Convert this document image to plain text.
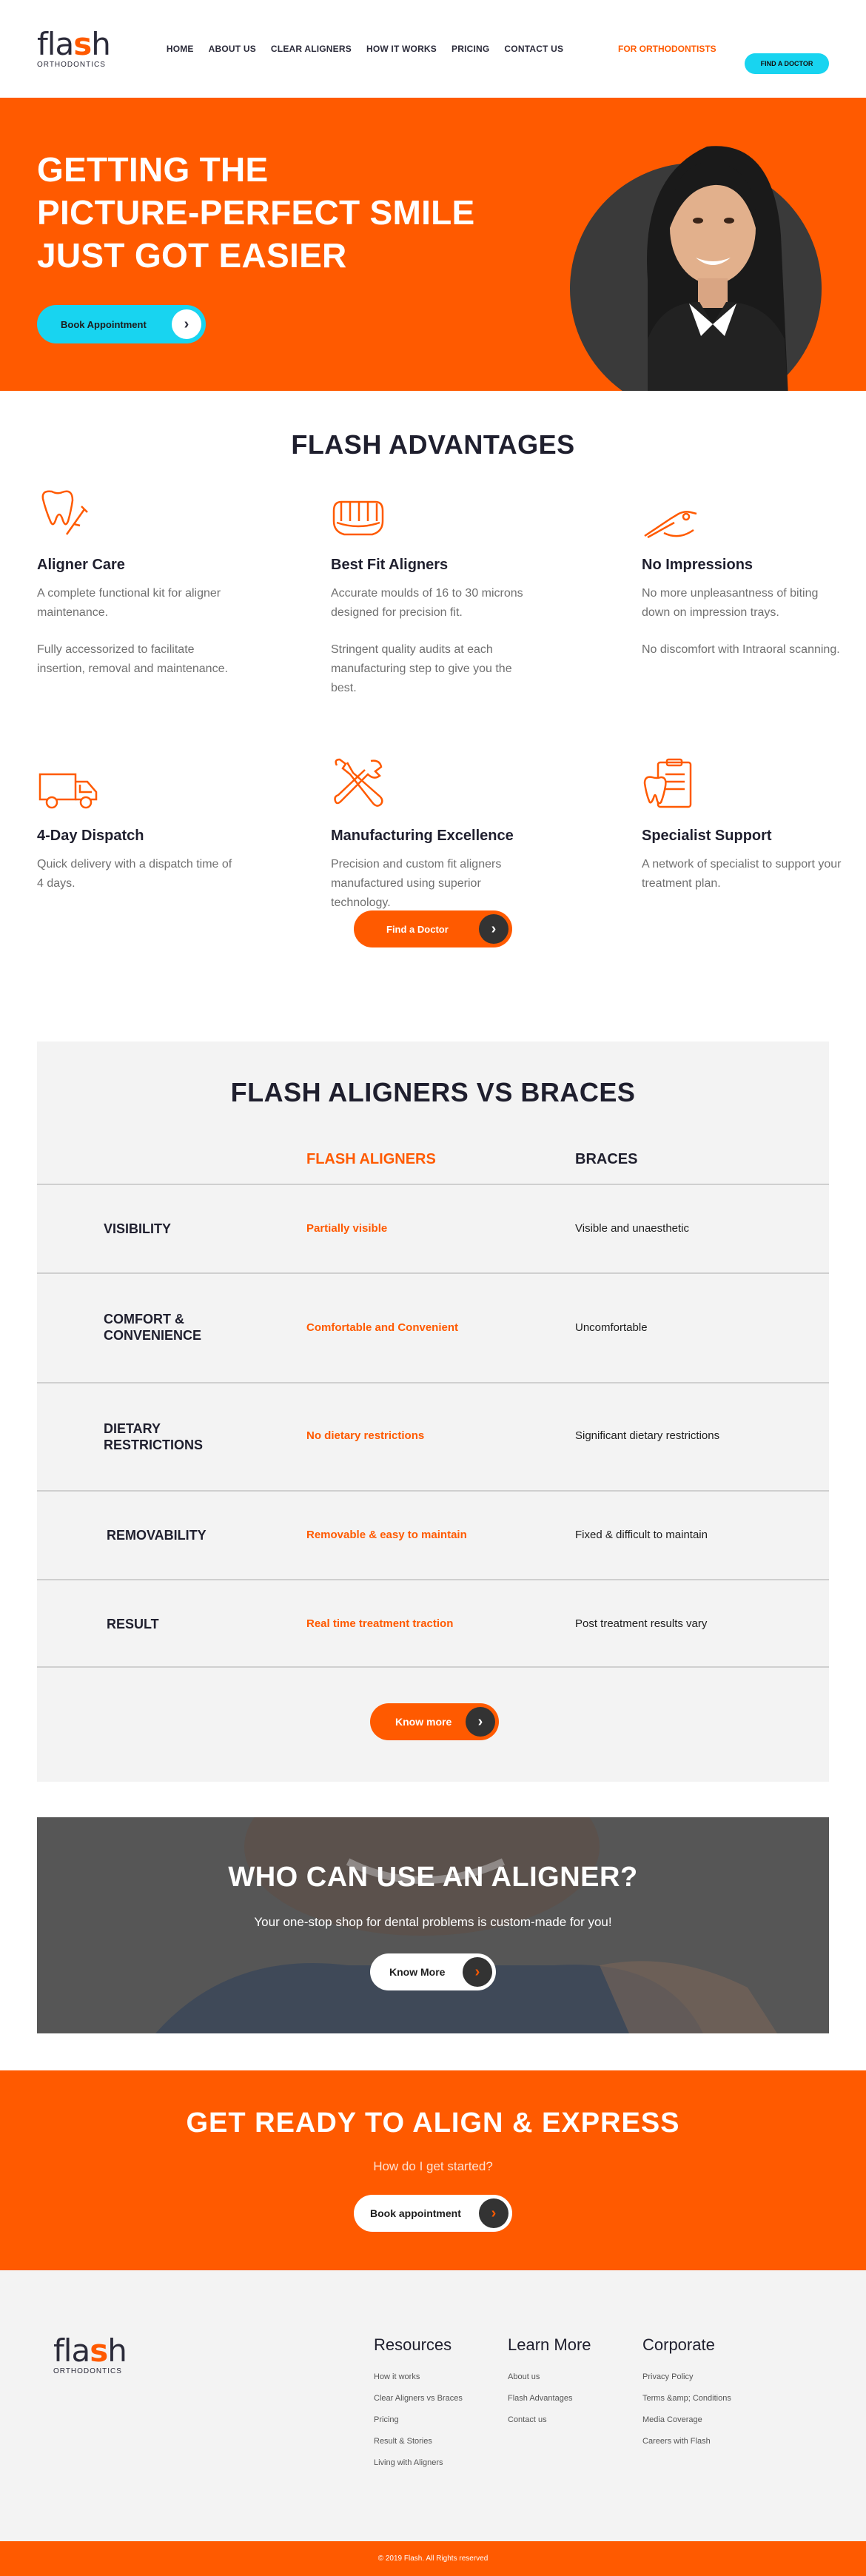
flash
ORTHODONTICS
HOME ABOUT US CLEAR ALIGNERS HOW IT WORKS PRICING CONTACT US	FOR ORTHODONTISTS
FIND A DOCTOR
GETTING THE
PICTURE-PERFECT SMILE
JUST GOT EASIER
Book Appointment	›
FLASH ADVANTAGES
Aligner Care

A complete functional kit for aligner maintenance.

Fully accessorized to facilitate insertion, removal and maintenance.

Best Fit Aligners

Accurate moulds of 16 to 30 microns designed for precision fit.

Stringent quality audits at each manufacturing step to give you the best.

No Impressions

No more unpleasantness of biting down on impression trays.

No discomfort with Intraoral scanning.

4-Day Dispatch

Quick delivery with a dispatch time of 4 days.

Manufacturing Excellence

Precision and custom fit aligners manufactured using superior technology.

Specialist Support

A network of specialist to support your treatment plan.

Find a Doctor	›
FLASH ALIGNERS VS BRACES
FLASH ALIGNERS	BRACES
VISIBILITY	Partially visible	Visible and unaesthetic
COMFORT &
CONVENIENCE
Comfortable and Convenient	Uncomfortable
DIETARY
RESTRICTIONS
No dietary restrictions	Significant dietary restrictions
REMOVABILITY	Removable & easy to maintain	Fixed & difficult to maintain
RESULT	Real time treatment traction	Post treatment results vary
Know more	›
WHO CAN USE AN ALIGNER?

Your one-stop shop for dental problems is custom-made for you!

Know More	›
GET READY TO ALIGN & EXPRESS

How do I get started?

Book appointment	›
flash
ORTHODONTICS
Resources
How it works
Clear Aligners vs Braces
Pricing
Result & Stories
Living with Aligners
Learn More
About us
Flash Advantages
Contact us
Corporate
Privacy Policy
Terms &amp; Conditions
Media Coverage
Careers with Flash
© 2019 Flash. All Rights reserved
